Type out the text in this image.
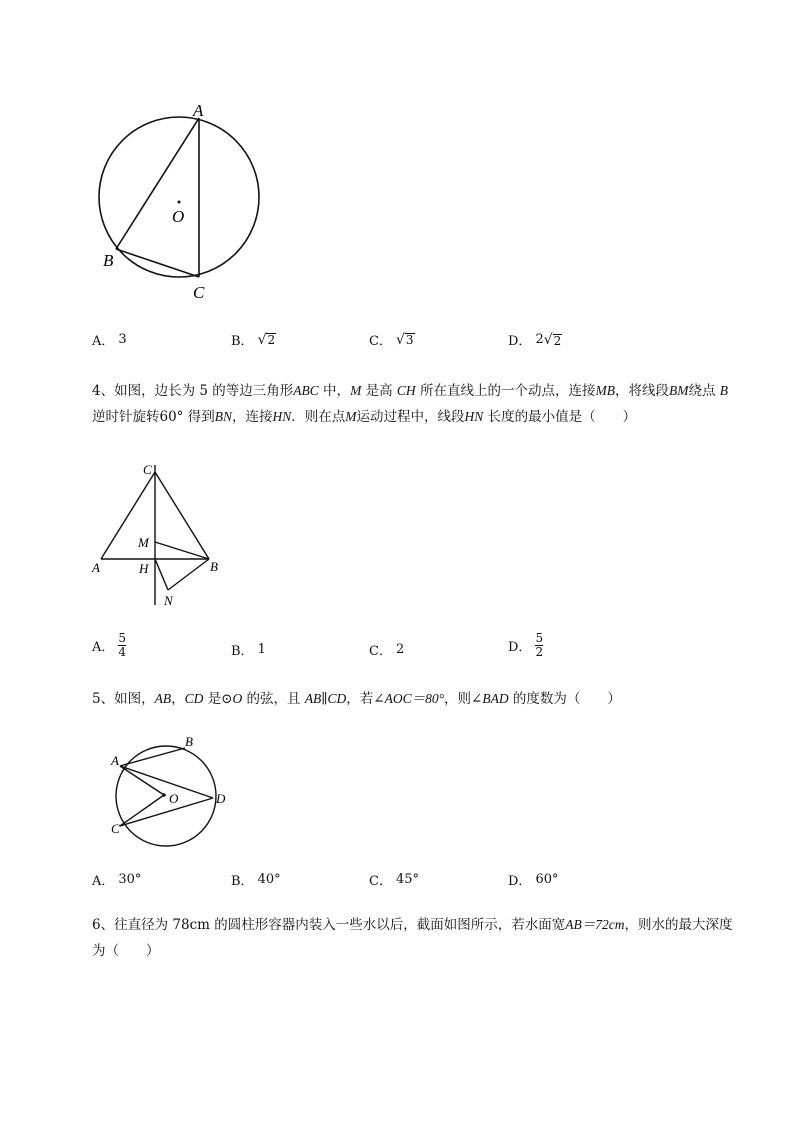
A
O
B
C
A． 3	B． √ 2	C． √ 3	D． 2 √ 2
4、如图，边长为 5 的等边三角形ABC 中，M 是高 CH 所在直线上的一个动点，连接MB，将线段BM绕点 B 逆时针旋转60° 得到BN，连接HN．则在点M运动过程中，线段HN 长度的最小值是（　　）
C
M
A	H	B
N
A． $\frac{5}{4}$	B． 1	C． 2	D． $\frac{5}{2}$
5、如图，AB，CD 是⊙O 的弦，且 AB∥CD，若∠AOC＝80°，则∠BAD 的度数为（　　）
A
B
O	D
C
A． 30°	B． 40°	C． 45°	D． 60°
6、往直径为 78cm 的圆柱形容器内装入一些水以后，截面如图所示，若水面宽AB＝72cm，则水的最大深度为（　　）
